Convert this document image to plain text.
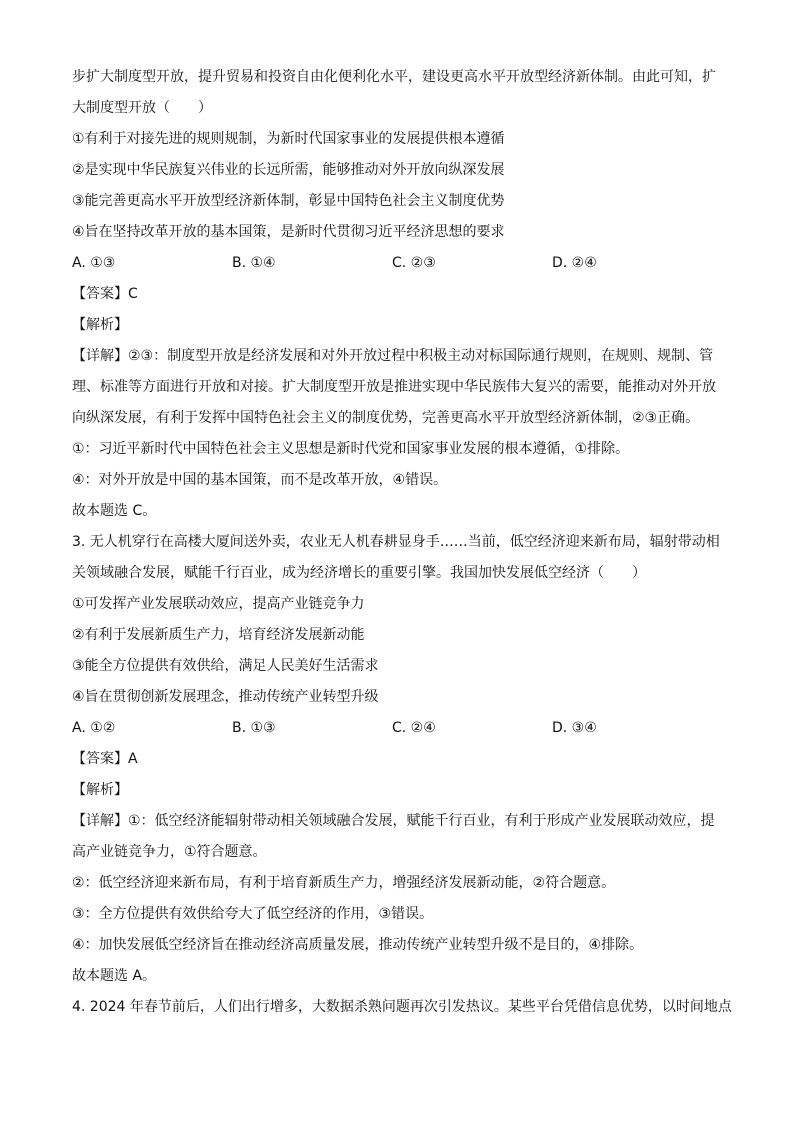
步扩大制度型开放，提升贸易和投资自由化便利化水平，建设更高水平开放型经济新体制。由此可知，扩
大制度型开放（　　）
①有利于对接先进的规则规制，为新时代国家事业的发展提供根本遵循
②是实现中华民族复兴伟业的长远所需，能够推动对外开放向纵深发展
③能完善更高水平开放型经济新体制，彰显中国特色社会主义制度优势
④旨在坚持改革开放的基本国策，是新时代贯彻习近平经济思想的要求
A. ①③	B. ①④	C. ②③	D. ②④
【答案】C
【解析】
【详解】②③：制度型开放是经济发展和对外开放过程中积极主动对标国际通行规则，在规则、规制、管
理、标准等方面进行开放和对接。扩大制度型开放是推进实现中华民族伟大复兴的需要，能推动对外开放
向纵深发展，有利于发挥中国特色社会主义的制度优势，完善更高水平开放型经济新体制，②③正确。
①：习近平新时代中国特色社会主义思想是新时代党和国家事业发展的根本遵循，①排除。
④：对外开放是中国的基本国策，而不是改革开放，④错误。
故本题选 C。
3. 无人机穿行在高楼大厦间送外卖，农业无人机春耕显身手……当前，低空经济迎来新布局，辐射带动相
关领域融合发展，赋能千行百业，成为经济增长的重要引擎。我国加快发展低空经济（　　）
①可发挥产业发展联动效应，提高产业链竞争力
②有利于发展新质生产力，培育经济发展新动能
③能全方位提供有效供给，满足人民美好生活需求
④旨在贯彻创新发展理念，推动传统产业转型升级
A. ①②	B. ①③	C. ②④	D. ③④
【答案】A
【解析】
【详解】①：低空经济能辐射带动相关领域融合发展，赋能千行百业，有利于形成产业发展联动效应，提
高产业链竞争力，①符合题意。
②：低空经济迎来新布局，有利于培育新质生产力，增强经济发展新动能，②符合题意。
③：全方位提供有效供给夸大了低空经济的作用，③错误。
④：加快发展低空经济旨在推动经济高质量发展，推动传统产业转型升级不是目的，④排除。
故本题选 A。
4. 2024 年春节前后，人们出行增多，大数据杀熟问题再次引发热议。某些平台凭借信息优势，以时间地点
